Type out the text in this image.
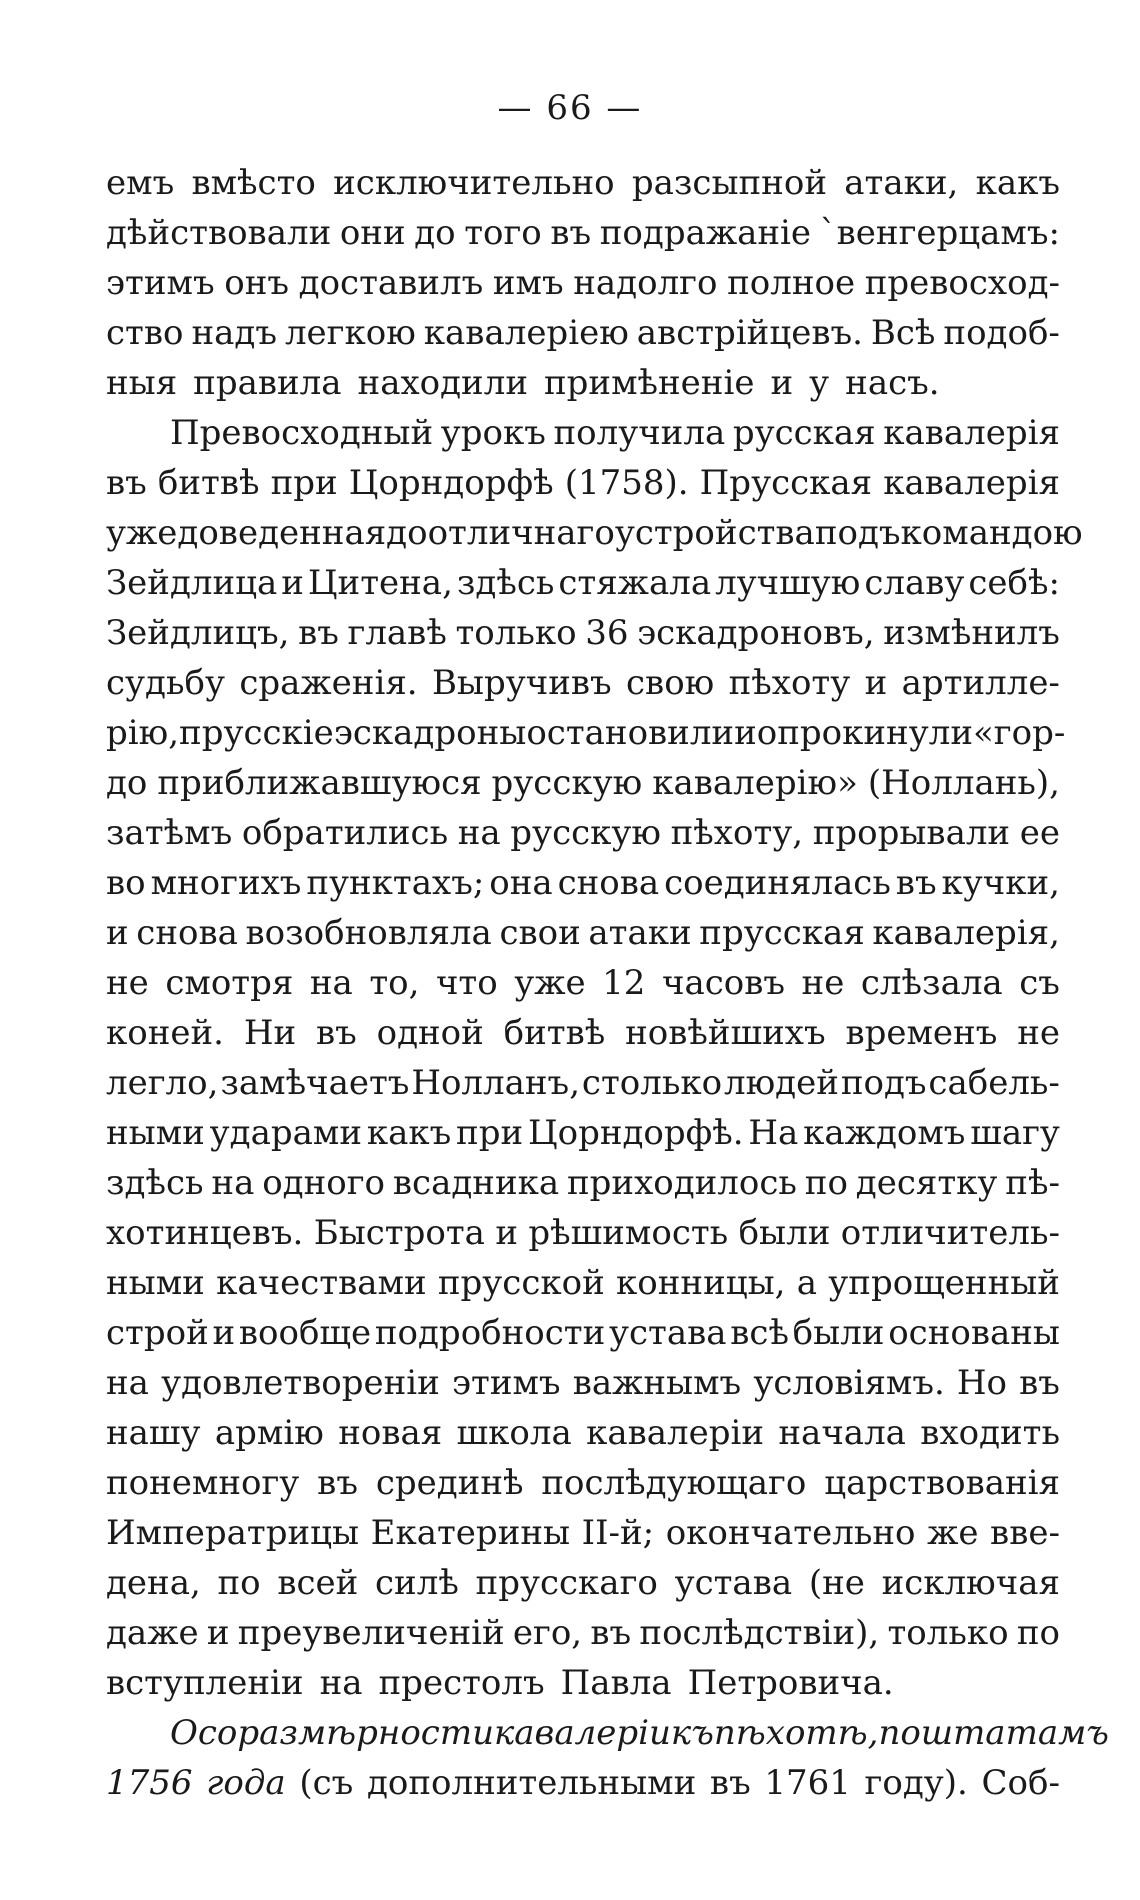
— 66 —
емъ вмѣсто исключительно разсыпной атаки, какъ
дѣйствовали они до того въ подражаніе `венгерцамъ:
этимъ онъ доставилъ имъ надолго полное превосход-
ство надъ легкою кавалеріею австрійцевъ. Всѣ подоб-
ныя правила находили примѣненіе и у насъ.
Превосходный урокъ получила русская кавалерія
въ битвѣ при Цорндорфѣ (1758). Прусская кавалерія
уже доведенная до отличнаго устройства подъ командою
Зейдлица и Цитена, здѣсь стяжала лучшую славу себѣ:
Зейдлицъ, въ главѣ только 36 эскадроновъ, измѣнилъ
судьбу сраженія. Выручивъ свою пѣхоту и артилле-
рію, прусскіе эскадроны остановили и опрокинули «гор-
до приближавшуюся русскую кавалерію» (Ноллань),
затѣмъ обратились на русскую пѣхоту, прорывали ее
во многихъ пунктахъ; она снова соединялась въ кучки,
и снова возобновляла свои атаки прусская кавалерія,
не смотря на то, что уже 12 часовъ не слѣзала съ
коней. Ни въ одной битвѣ новѣйшихъ временъ не
легло, замѣчаетъ Нолланъ, столько людей подъ сабель-
ными ударами какъ при Цорндорфѣ. На каждомъ шагу
здѣсь на одного всадника приходилось по десятку пѣ-
хотинцевъ. Быстрота и рѣшимость были отличитель-
ными качествами прусской конницы, а упрощенный
строй и вообще подробности устава всѣ были основаны
на удовлетвореніи этимъ важнымъ условіямъ. Но въ
нашу армію новая школа кавалеріи начала входить
понемногу въ срединѣ послѣдующаго царствованія
Императрицы Екатерины II-й; окончательно же вве-
дена, по всей силѣ прусскаго устава (не исключая
даже и преувеличеній его, въ послѣдствіи), только по
вступленіи на престолъ Павла Петровича.
О соразмѣрности кавалеріи къ пѣхотѣ, по штатамъ
1756 года (съ дополнительными въ 1761 году). Соб-
